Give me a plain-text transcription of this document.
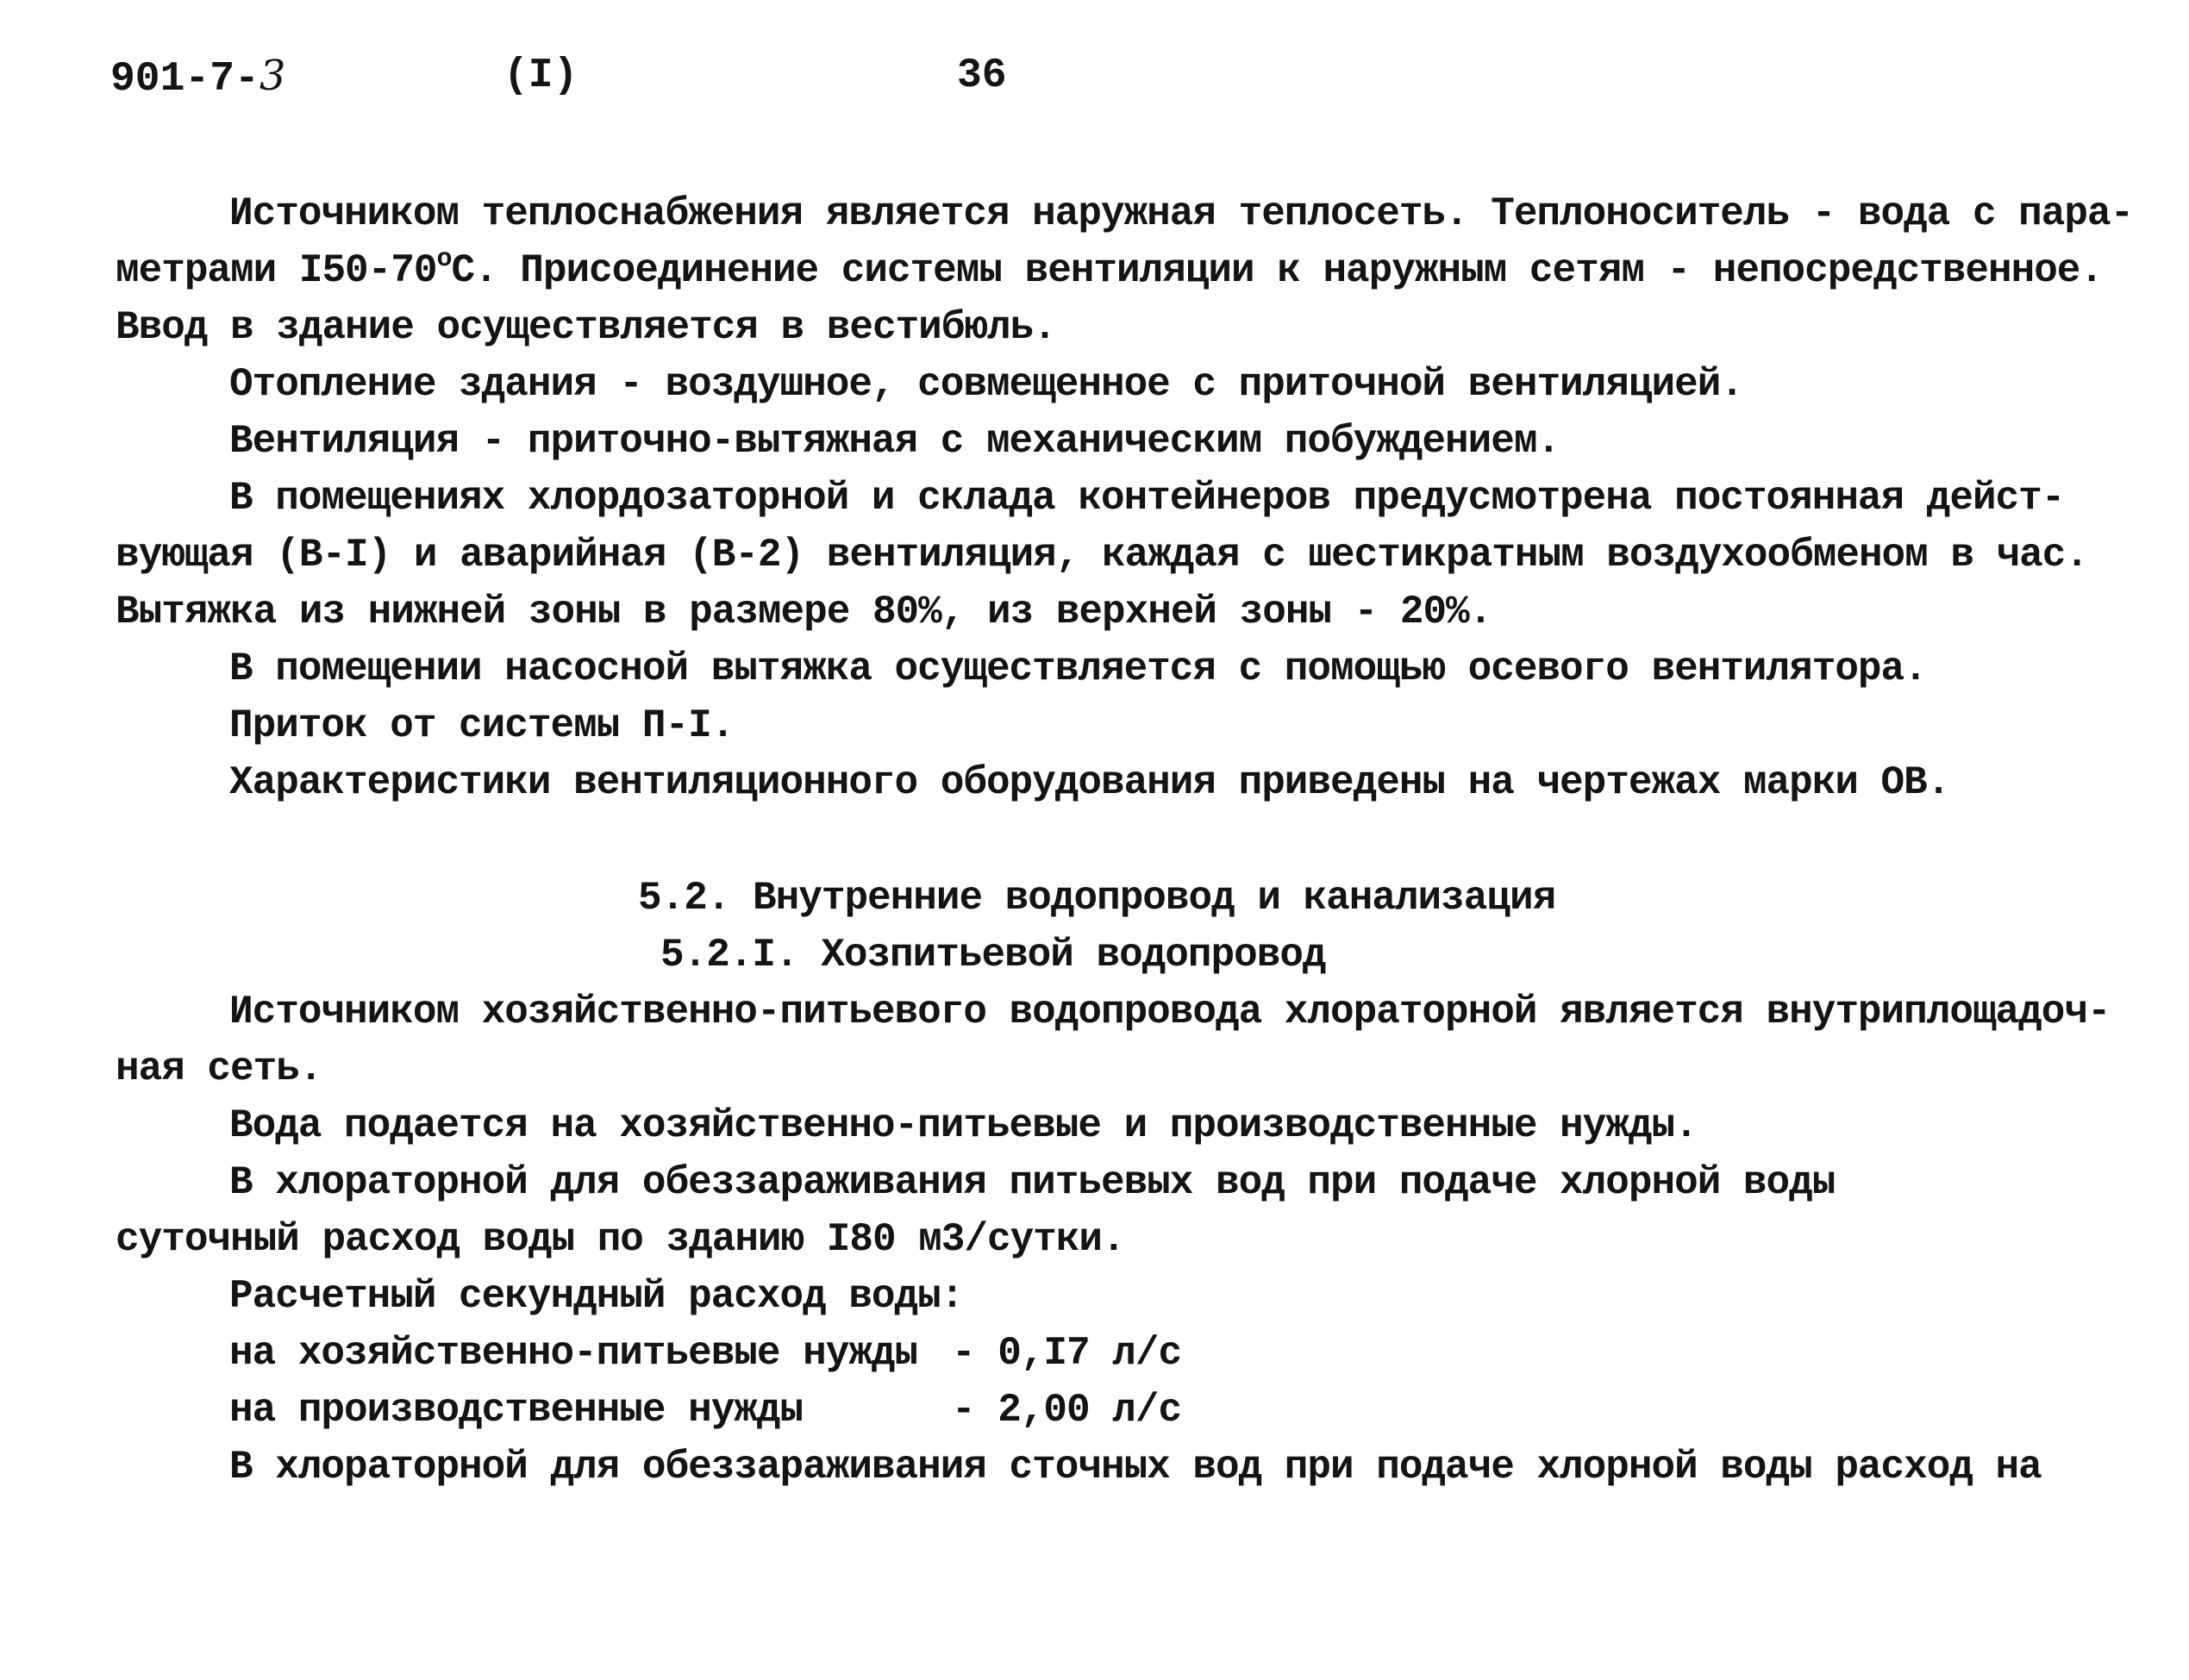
901-7-3	(I)	36
Источником теплоснабжения является наружная теплосеть. Теплоноситель - вода с пара-
метрами $I50-70^оС$. Присоединение системы вентиляции к наружным сетям - непосредственное.
Ввод в здание осуществляется в вестибюль.
Отопление здания - воздушное, совмещенное с приточной вентиляцией.
Вентиляция - приточно-вытяжная с механическим побуждением.
В помещениях хлордозаторной и склада контейнеров предусмотрена постоянная дейст-
вующая (В-I) и аварийная (В-2) вентиляция, каждая с шестикратным воздухообменом в час.
Вытяжка из нижней зоны в размере 80%, из верхней зоны - 20%.
В помещении насосной вытяжка осуществляется с помощью осевого вентилятора.
Приток от системы П-I.
Характеристики вентиляционного оборудования приведены на чертежах марки ОВ.
5.2. Внутренние водопровод и канализация
5.2.I. Хозпитьевой водопровод
Источником хозяйственно-питьевого водопровода хлораторной является внутриплощадоч-
ная сеть.
Вода подается на хозяйственно-питьевые и производственные нужды.
В хлораторной для обеззараживания питьевых вод при подаче хлорной воды
суточный расход воды по зданию I80 м3/сутки.
Расчетный секундный расход воды:
на хозяйственно-питьевые нужды - 0,I7 л/с
на производственные нужды	- 2,00 л/с
В хлораторной для обеззараживания сточных вод при подаче хлорной воды расход на
